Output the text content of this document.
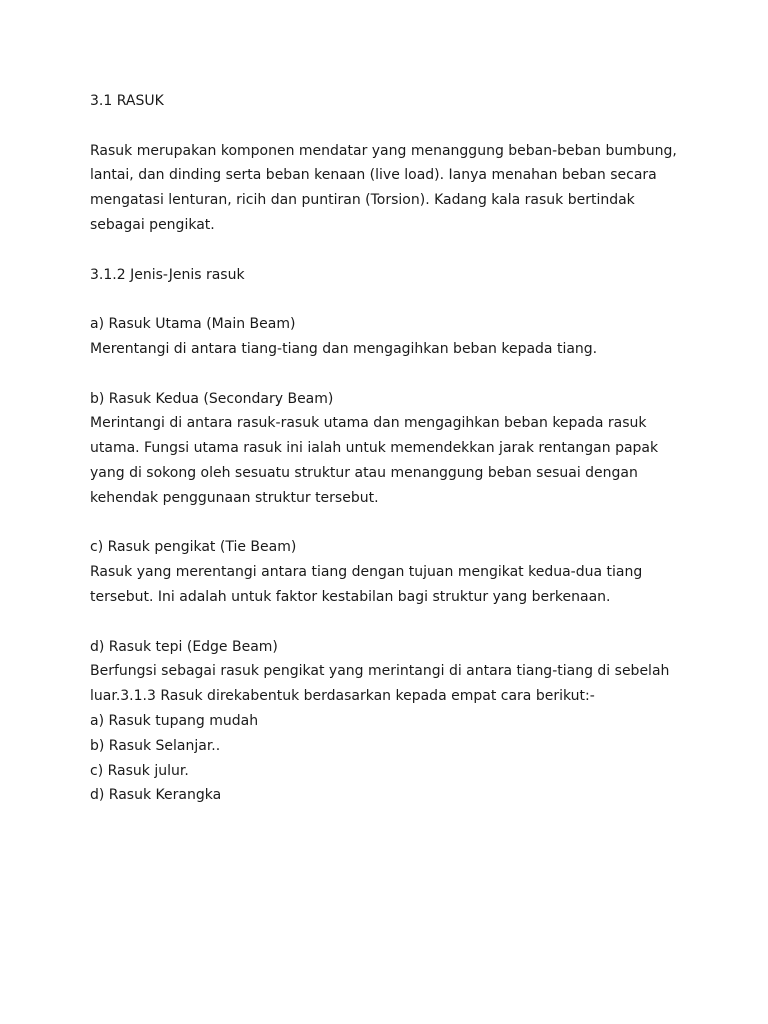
3.1 RASUK

Rasuk merupakan komponen mendatar yang menanggung beban-beban bumbung,

lantai, dan dinding serta beban kenaan (live load). Ianya menahan beban secara

mengatasi lenturan, ricih dan puntiran (Torsion). Kadang kala rasuk bertindak

sebagai pengikat.

3.1.2 Jenis-Jenis rasuk

a) Rasuk Utama (Main Beam)

Merentangi di antara tiang-tiang dan mengagihkan beban kepada tiang.

b) Rasuk Kedua (Secondary Beam)

Merintangi di antara rasuk-rasuk utama dan mengagihkan beban kepada rasuk

utama. Fungsi utama rasuk ini ialah untuk memendekkan jarak rentangan papak

yang di sokong oleh sesuatu struktur atau menanggung beban sesuai dengan

kehendak penggunaan struktur tersebut.

c) Rasuk pengikat (Tie Beam)

Rasuk yang merentangi antara tiang dengan tujuan mengikat kedua-dua tiang

tersebut. Ini adalah untuk faktor kestabilan bagi struktur yang berkenaan.

d) Rasuk tepi (Edge Beam)

Berfungsi sebagai rasuk pengikat yang merintangi di antara tiang-tiang di sebelah

luar.3.1.3 Rasuk direkabentuk berdasarkan kepada empat cara berikut:-

a) Rasuk tupang mudah

b) Rasuk Selanjar..

c) Rasuk julur.

d) Rasuk Kerangka
